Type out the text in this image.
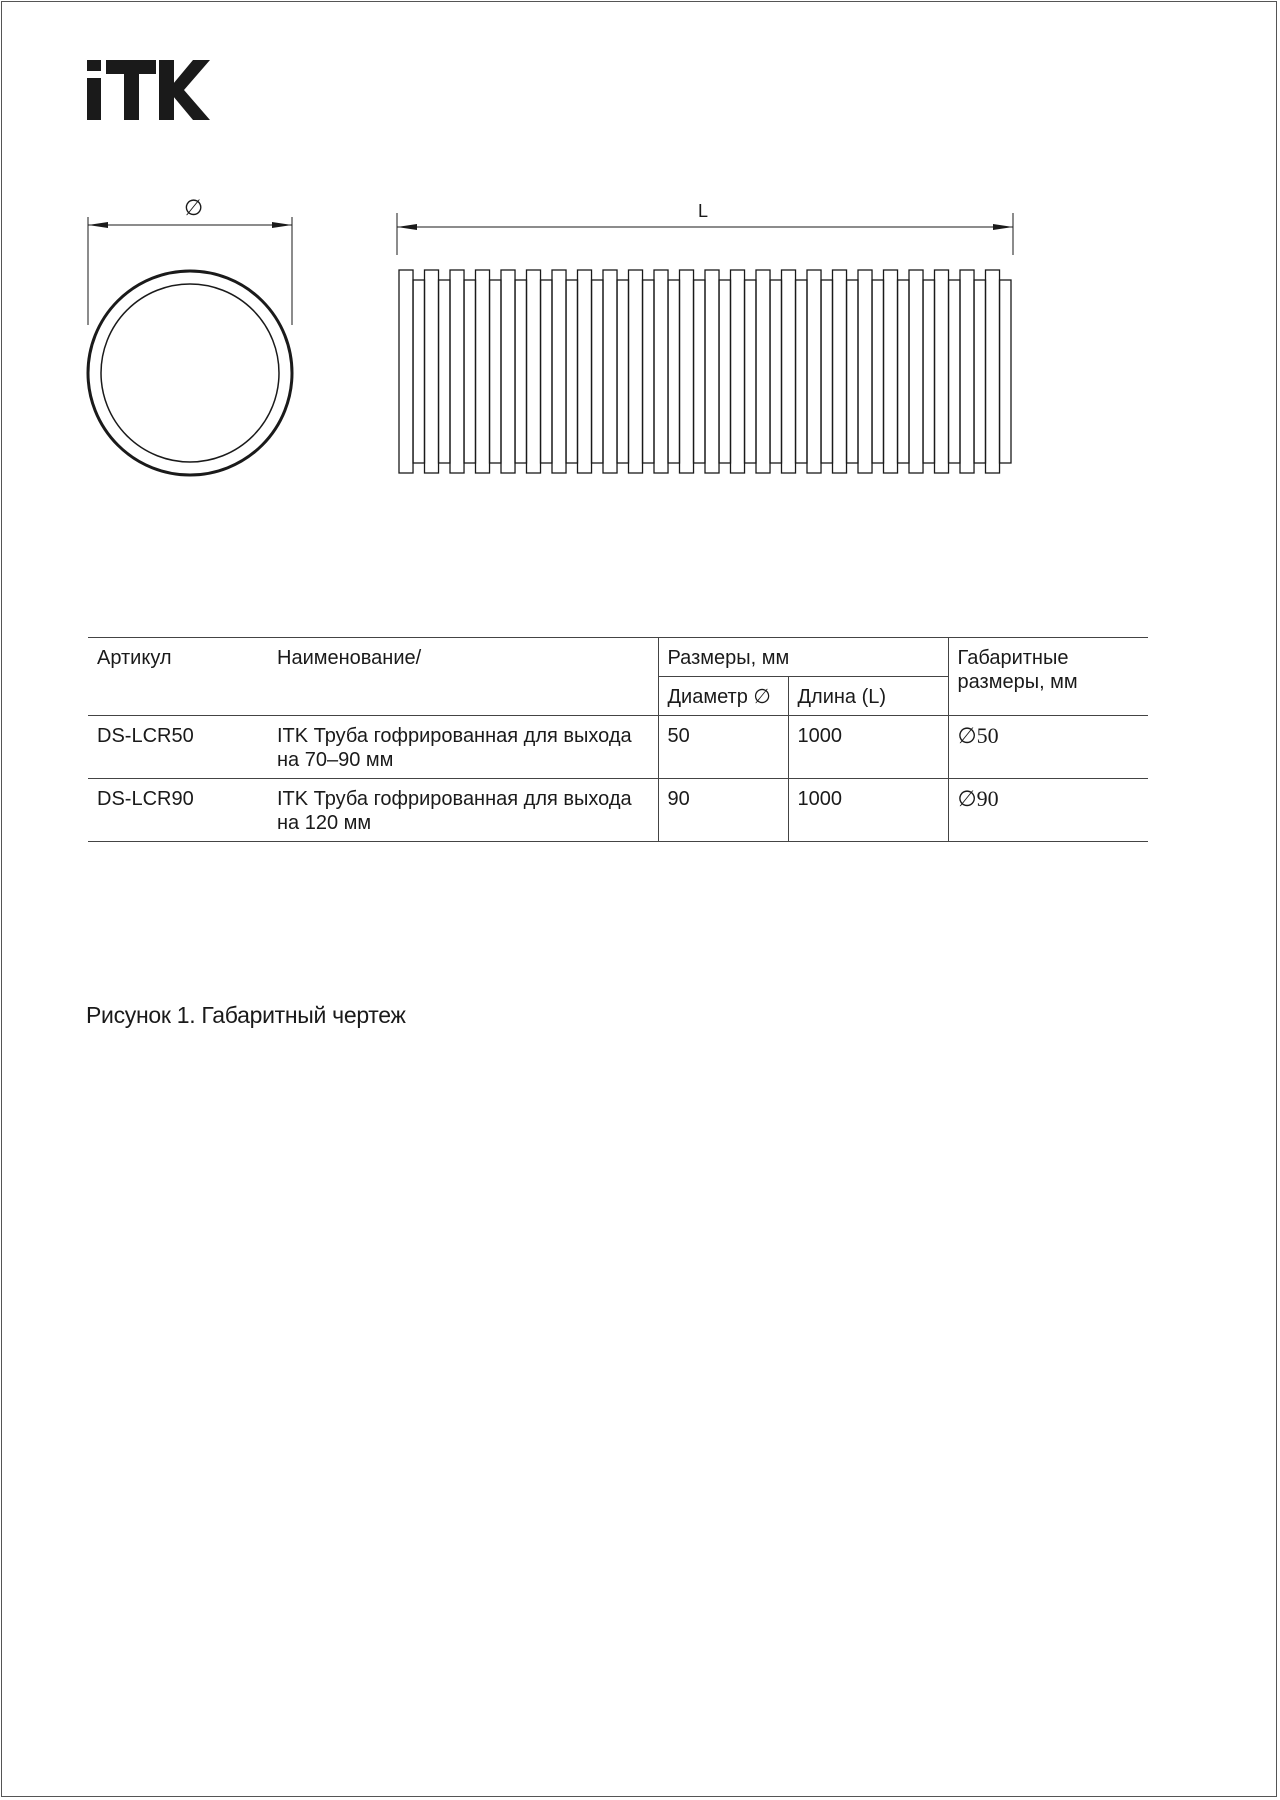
∅	L
Артикул	Наименование/	Размеры, мм		Габаритные размеры, мм
		Диаметр ∅	Длина (L)	
DS-LCR50	ITK Труба гофрированная для выхода на 70–90 мм	50	1000	∅50
DS-LCR90	ITK Труба гофрированная для выхода на 120 мм	90	1000	∅90
Рисунок 1. Габаритный чертеж
